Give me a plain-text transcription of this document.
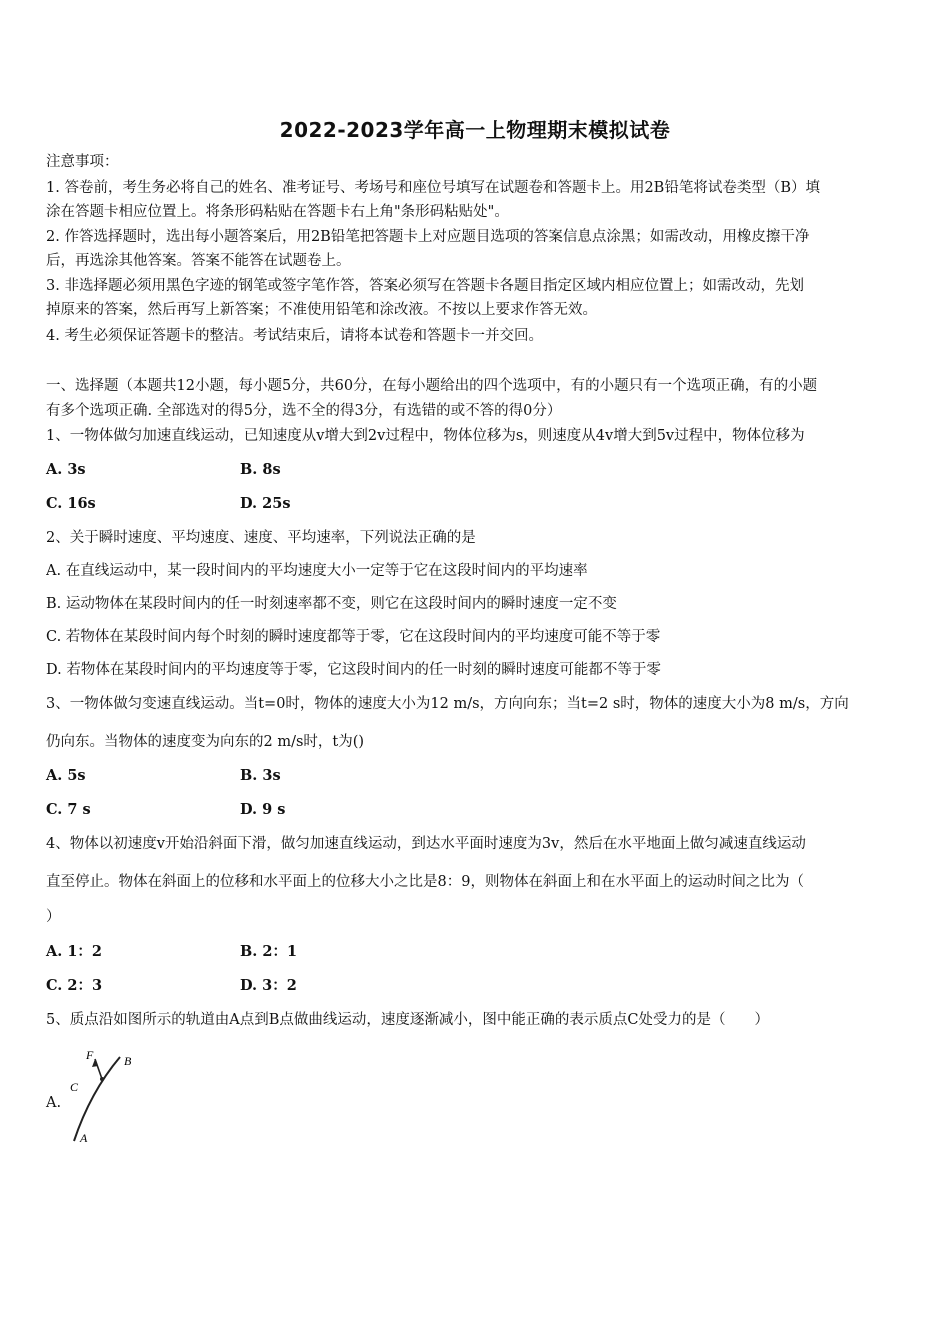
2022-2023学年高一上物理期末模拟试卷
注意事项：
1. 答卷前，考生务必将自己的姓名、准考证号、考场号和座位号填写在试题卷和答题卡上。用2B铅笔将试卷类型（B）填
涂在答题卡相应位置上。将条形码粘贴在答题卡右上角"条形码粘贴处"。
2. 作答选择题时，选出每小题答案后，用2B铅笔把答题卡上对应题目选项的答案信息点涂黑；如需改动，用橡皮擦干净
后，再选涂其他答案。答案不能答在试题卷上。
3. 非选择题必须用黑色字迹的钢笔或签字笔作答，答案必须写在答题卡各题目指定区域内相应位置上；如需改动，先划
掉原来的答案，然后再写上新答案；不准使用铅笔和涂改液。不按以上要求作答无效。
4. 考生必须保证答题卡的整洁。考试结束后，请将本试卷和答题卡一并交回。
一、选择题（本题共12小题，每小题5分，共60分，在每小题给出的四个选项中，有的小题只有一个选项正确，有的小题
有多个选项正确. 全部选对的得5分，选不全的得3分，有选错的或不答的得0分）
1、一物体做匀加速直线运动，已知速度从v增大到2v过程中，物体位移为s，则速度从4v增大到5v过程中，物体位移为
A. 3s	B. 8s
C. 16s	D. 25s
2、关于瞬时速度、平均速度、速度、平均速率，下列说法正确的是
A. 在直线运动中，某一段时间内的平均速度大小一定等于它在这段时间内的平均速率
B. 运动物体在某段时间内的任一时刻速率都不变，则它在这段时间内的瞬时速度一定不变
C. 若物体在某段时间内每个时刻的瞬时速度都等于零，它在这段时间内的平均速度可能不等于零
D. 若物体在某段时间内的平均速度等于零，它这段时间内的任一时刻的瞬时速度可能都不等于零
3、一物体做匀变速直线运动。当t=0时，物体的速度大小为12 m/s，方向向东；当t=2 s时，物体的速度大小为8 m/s，方向
仍向东。当物体的速度变为向东的2 m/s时，t为()
A. 5s	B. 3s
C. 7 s	D. 9 s
4、物体以初速度v开始沿斜面下滑，做匀加速直线运动，到达水平面时速度为3v，然后在水平地面上做匀减速直线运动
直至停止。物体在斜面上的位移和水平面上的位移大小之比是8：9，则物体在斜面上和在水平面上的运动时间之比为（
）
A. 1：2	B. 2：1
C. 2：3	D. 3：2
5、质点沿如图所示的轨道由A点到B点做曲线运动，速度逐渐减小，图中能正确的表示质点C处受力的是（　　）
A.
F	B
C
A
